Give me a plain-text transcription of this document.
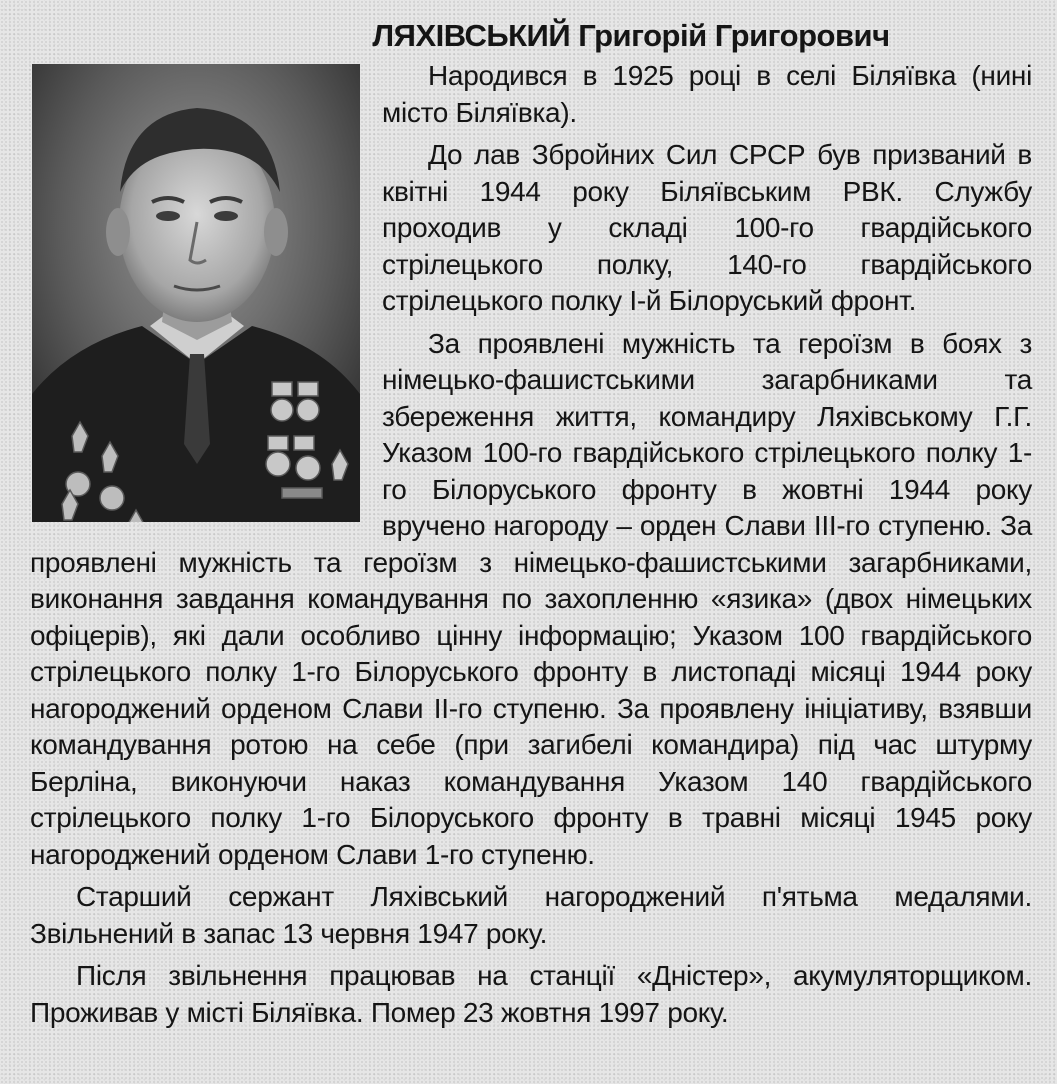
ЛЯХІВСЬКИЙ Григорій Григорович

Народився в 1925 році в селі Біляївка (нині місто Біляївка).

До лав Збройних Сил СРСР був призваний в квітні 1944 року Біляївським РВК. Службу проходив у складі 100-го гвардійського стрілецького полку, 140-го гвардійського стрілецького полку І-й Білоруський фронт.

За проявлені мужність та героїзм в боях з німецько-фашистськими загарбниками та збереження життя, командиру Ляхівському Г.Г. Указом 100-го гвардійського стрілецького полку 1-го Білоруського фронту в жовтні 1944 року вручено нагороду – орден Слави III-го ступеню. За проявлені мужність та героїзм з німецько-фашистськими загарбниками, виконання завдання командування по захопленню «язика» (двох німецьких офіцерів), які дали особливо цінну інформацію; Указом 100 гвардійського стрілецького полку 1-го Білоруського фронту в листопаді місяці 1944 року нагороджений орденом Слави II-го ступеню. За проявлену ініціативу, взявши командування ротою на себе (при загибелі командира) під час штурму Берліна, виконуючи наказ командування Указом 140 гвардійського стрілецького полку 1-го Білоруського фронту в травні місяці 1945 року нагороджений орденом Слави 1-го ступеню.

Старший сержант Ляхівський нагороджений п'ятьма медалями. Звільнений в запас 13 червня 1947 року.

Після звільнення працював на станції «Дністер», акумуляторщиком. Проживав у місті Біляївка. Помер 23 жовтня 1997 року.
